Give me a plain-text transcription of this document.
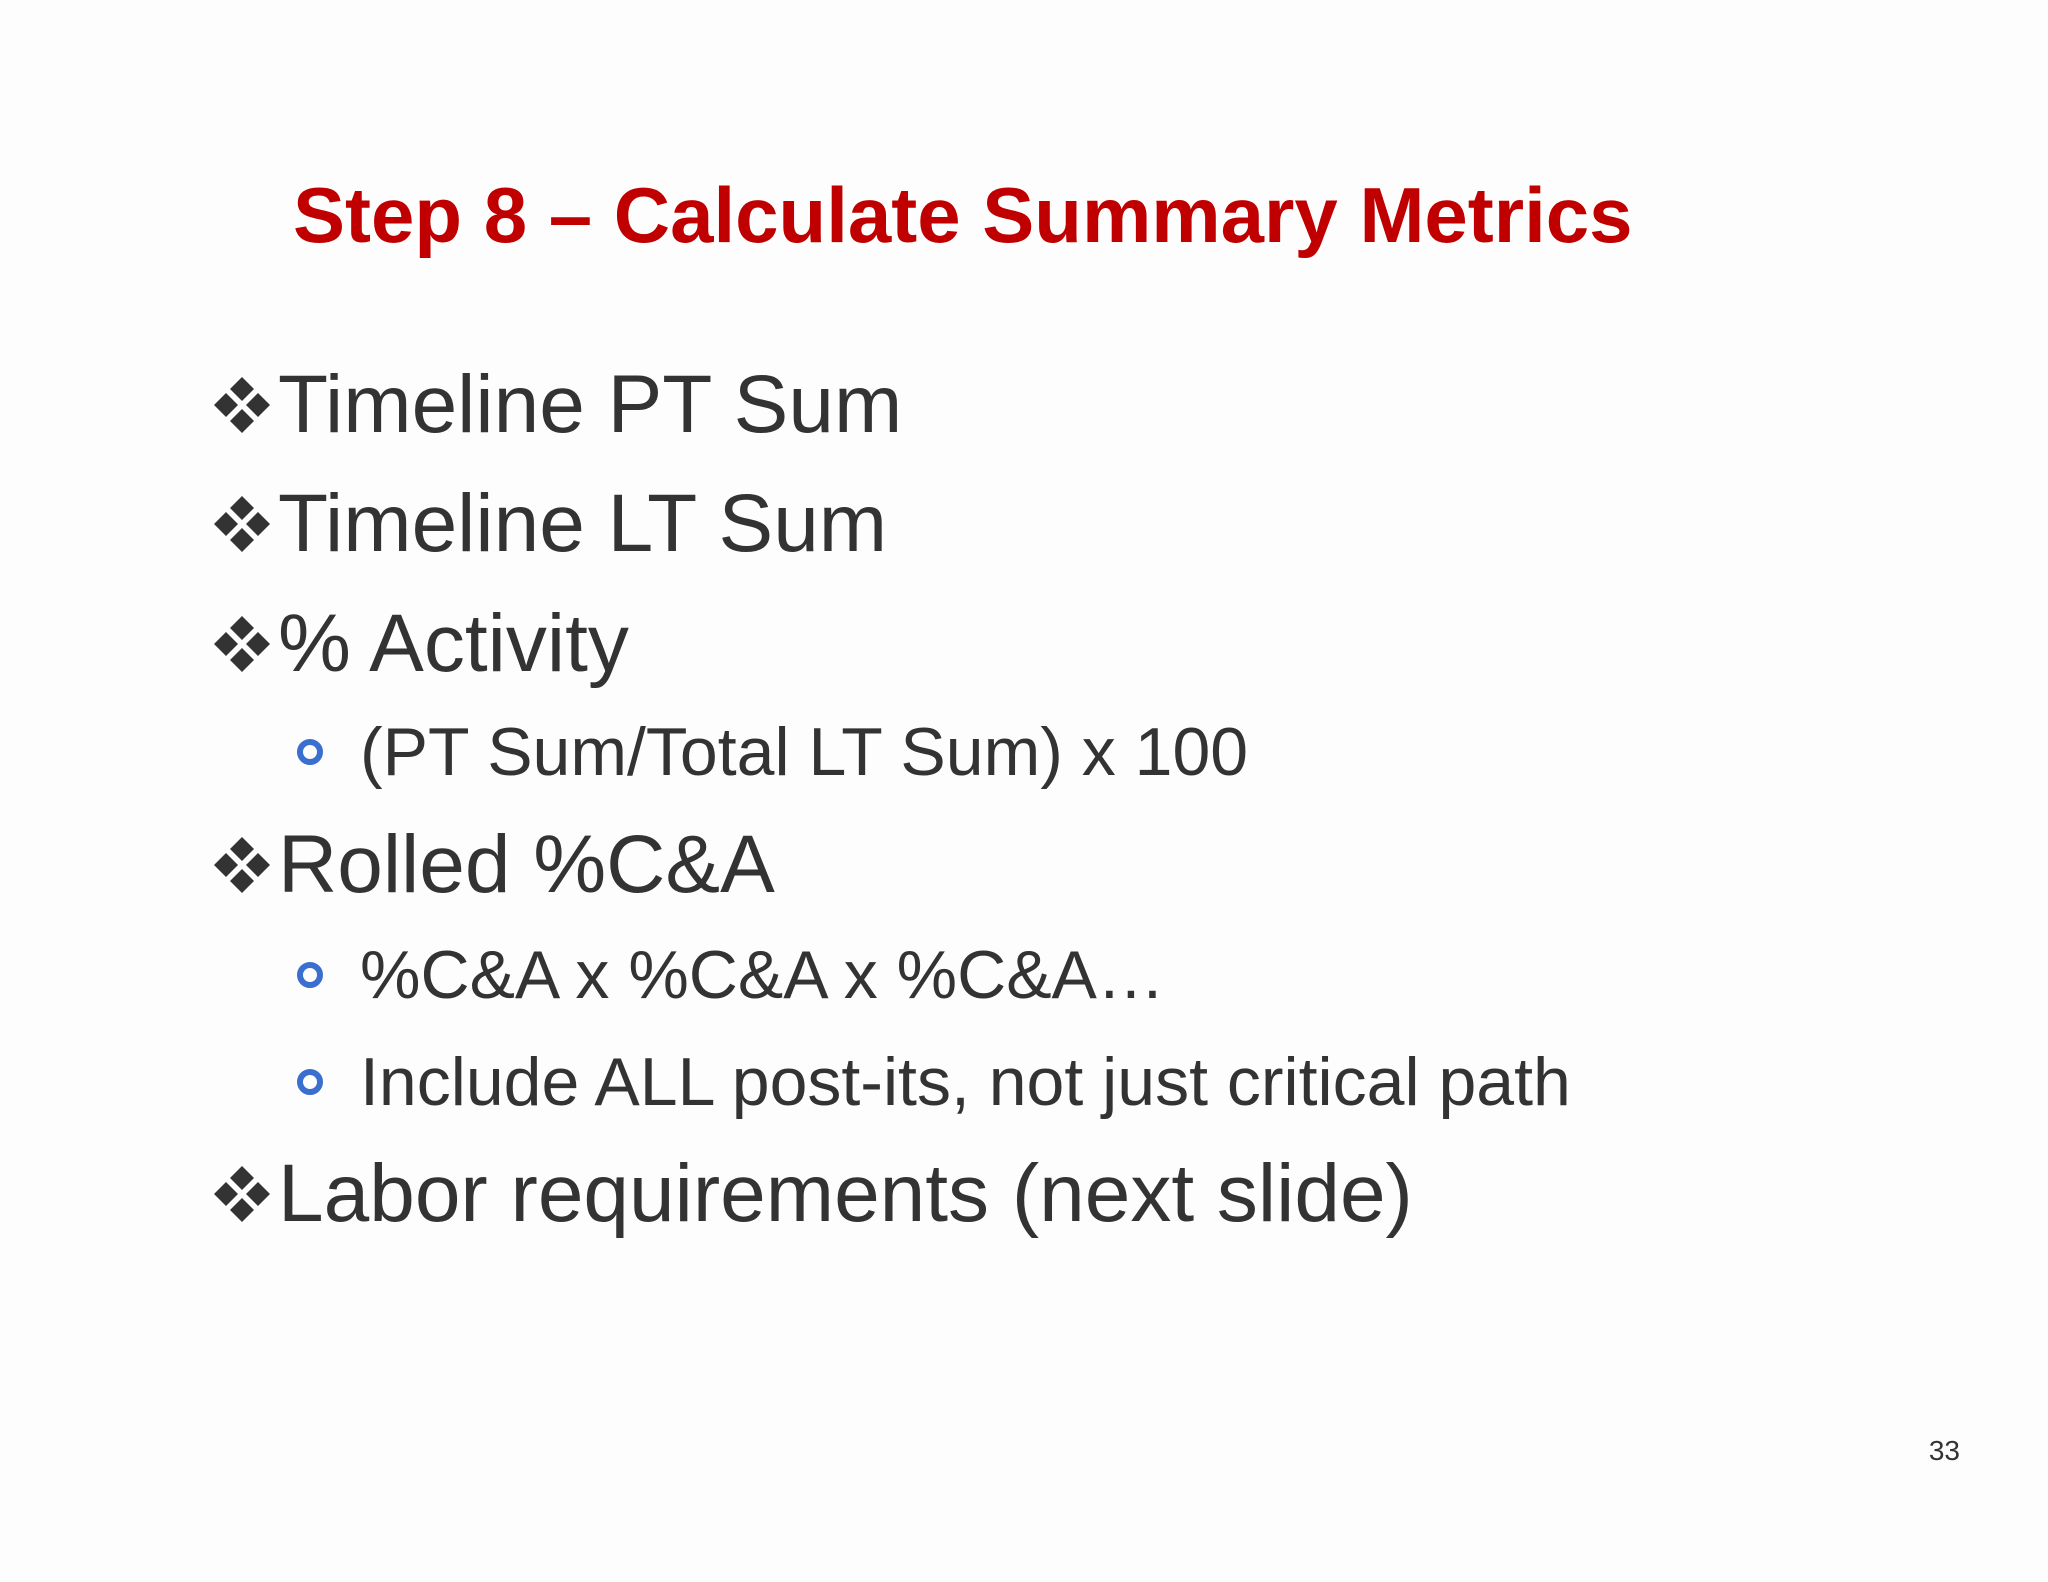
Step 8 – Calculate Summary Metrics
Timeline PT Sum
Timeline LT Sum
% Activity
(PT Sum/Total LT Sum) x 100
Rolled %C&A
%C&A x %C&A x %C&A…
Include ALL post-its, not just critical path
Labor requirements (next slide)
33
